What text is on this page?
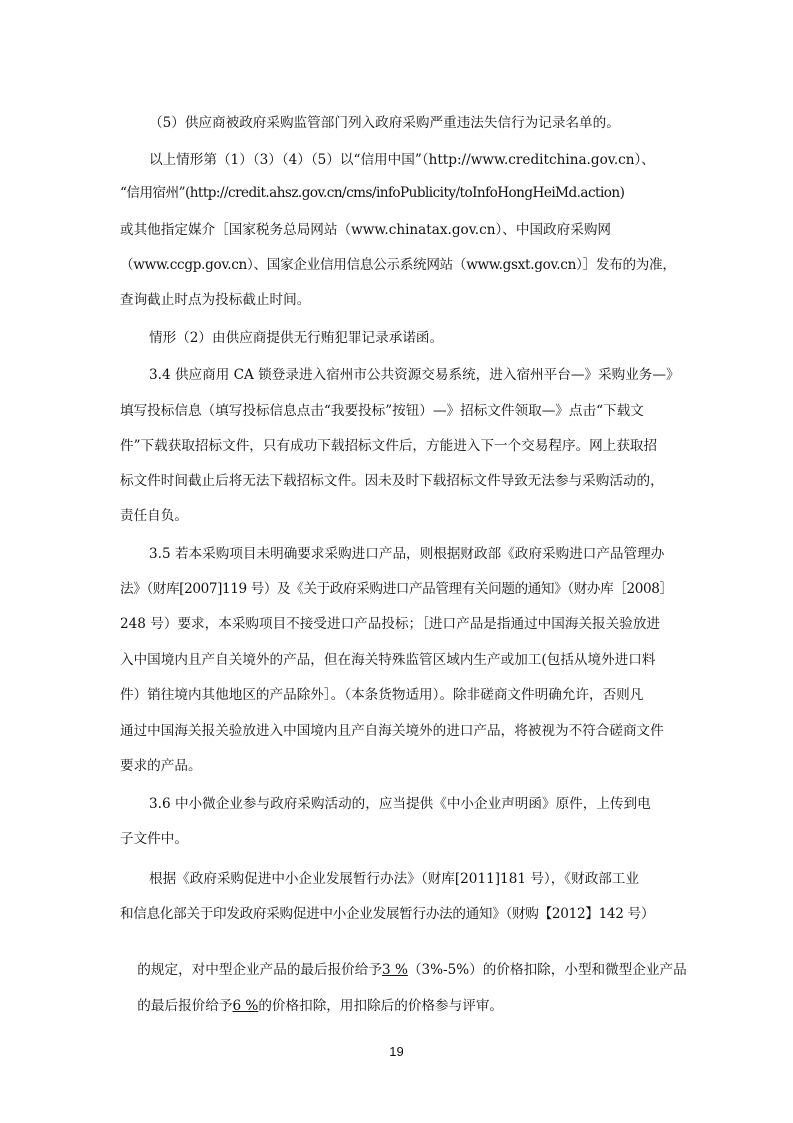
（5）供应商被政府采购监管部门列入政府采购严重违法失信行为记录名单的。
以上情形第（1）（3）（4）（5）以“信用中国”（http://www.creditchina.gov.cn）、
“信用宿州”(http://credit.ahsz.gov.cn/cms/infoPublicity/toInfoHongHeiMd.action)
或其他指定媒介［国家税务总局网站（www.chinatax.gov.cn）、中国政府采购网
（www.ccgp.gov.cn）、国家企业信用信息公示系统网站（www.gsxt.gov.cn）］发布的为准，
查询截止时点为投标截止时间。
情形（2）由供应商提供无行贿犯罪记录承诺函。
3.4 供应商用 CA 锁登录进入宿州市公共资源交易系统，进入宿州平台—》采购业务—》
填写投标信息（填写投标信息点击“我要投标”按钮）—》招标文件领取—》点击“下载文
件”下载获取招标文件，只有成功下载招标文件后，方能进入下一个交易程序。网上获取招
标文件时间截止后将无法下载招标文件。因未及时下载招标文件导致无法参与采购活动的，
责任自负。
3.5 若本采购项目未明确要求采购进口产品，则根据财政部《政府采购进口产品管理办
法》（财库[2007]119 号）及《关于政府采购进口产品管理有关问题的通知》（财办库［2008］
248 号）要求，本采购项目不接受进口产品投标；［进口产品是指通过中国海关报关验放进
入中国境内且产自关境外的产品，但在海关特殊监管区域内生产或加工(包括从境外进口料
件）销往境内其他地区的产品除外］。（本条货物适用）。除非磋商文件明确允许，否则凡
通过中国海关报关验放进入中国境内且产自海关境外的进口产品，将被视为不符合磋商文件
要求的产品。
3.6 中小微企业参与政府采购活动的，应当提供《中小企业声明函》原件，上传到电
子文件中。
根据《政府采购促进中小企业发展暂行办法》（财库[2011]181 号），《财政部工业
和信息化部关于印发政府采购促进中小企业发展暂行办法的通知》（财购【2012】142 号）

的规定，对中型企业产品的最后报价给予3 %（3%-5%）的价格扣除，小型和微型企业产品

的最后报价给予6 %的价格扣除，用扣除后的价格参与评审。

19
